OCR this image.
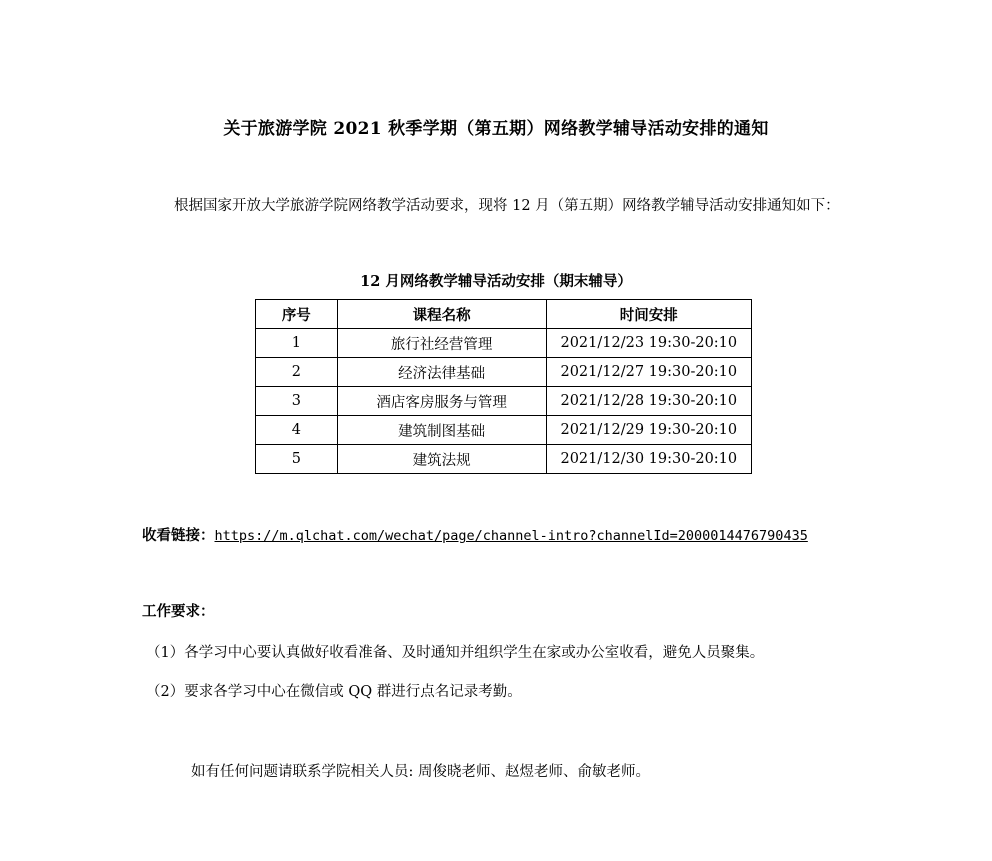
关于旅游学院 2021 秋季学期（第五期）网络教学辅导活动安排的通知
根据国家开放大学旅游学院网络教学活动要求，现将 12 月（第五期）网络教学辅导活动安排通知如下：
12 月网络教学辅导活动安排（期末辅导）
序号	课程名称	时间安排
1	旅行社经营管理	2021/12/23 19:30-20:10
2	经济法律基础	2021/12/27 19:30-20:10
3	酒店客房服务与管理	2021/12/28 19:30-20:10
4	建筑制图基础	2021/12/29 19:30-20:10
5	建筑法规	2021/12/30 19:30-20:10
收看链接：https://m.qlchat.com/wechat/page/channel-intro?channelId=2000014476790435
工作要求：
（1）各学习中心要认真做好收看准备、及时通知并组织学生在家或办公室收看，避免人员聚集。
（2）要求各学习中心在微信或 QQ 群进行点名记录考勤。
如有任何问题请联系学院相关人员: 周俊晓老师、赵煜老师、俞敏老师。
